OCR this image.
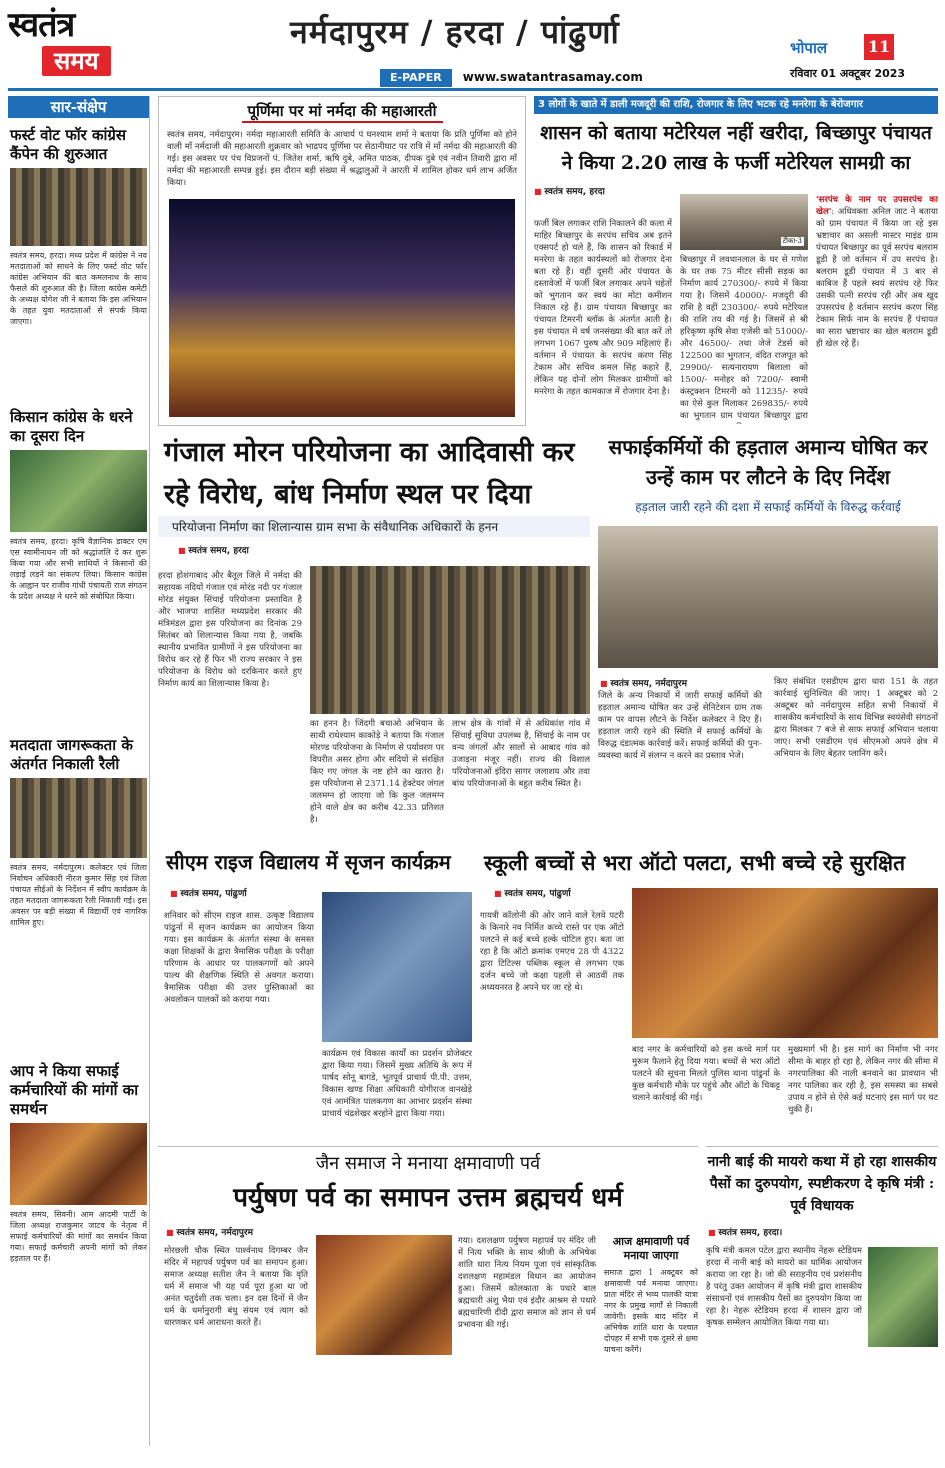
स्वतंत्र
समय
नर्मदापुरम / हरदा / पांढुर्णा
E-PAPER www.swatantrasamay.com
भोपाल	11
रविवार 01 अक्टूबर 2023
सार-संक्षेप
फर्स्ट वोट फॉर कांग्रेस कैंपेन की शुरुआत
स्वतंत्र समय, हरदा। मध्य प्रदेश में कांग्रेस ने नव मतदाताओं को साधने के लिए फर्स्ट वोट फॉर कांग्रेस अभियान की बात कमलनाथ के साथ फैसले की शुरुआत की है। जिला कांग्रेस कमेटी के अध्यक्ष योगेश जी ने बताया कि इस अभियान के तहत युवा मतदाताओं से संपर्क किया जाएगा।
किसान कांग्रेस के धरने का दूसरा दिन
स्वतंत्र समय, हरदा। कृषि वैज्ञानिक डाक्टर एम एस स्वामीनाथन जी को श्रद्धांजलि दे कर शुरू किया गया और सभी साथियों ने किसानों की लड़ाई लड़ने का संकल्प लिया। किसान कांग्रेस के आह्वान पर राजीव गांधी पंचायती राज संगठन के प्रदेश अध्यक्ष ने धरने को संबोधित किया।
मतदाता जागरूकता के अंतर्गत निकाली रैली
स्वतंत्र समय, नर्मदापुरम। कलेक्टर एवं जिला निर्वाचन अधिकारी नीरज कुमार सिंह एवं जिला पंचायत सीईओ के निर्देशन में स्वीप कार्यक्रम के तहत मतदाता जागरूकता रैली निकाली गई। इस अवसर पर बड़ी संख्या में विद्यार्थी एवं नागरिक शामिल हुए।
आप ने किया सफाई कर्मचारियों की मांगों का समर्थन
स्वतंत्र समय, सिवनी। आम आदमी पार्टी के जिला अध्यक्ष राजकुमार जाटव के नेतृत्व में सफाई कर्मचारियों की मांगों का समर्थन किया गया। सफाई कर्मचारी अपनी मांगों को लेकर हड़ताल पर हैं।
पूर्णिमा पर मां नर्मदा की महाआरती
स्वतंत्र समय, नर्मदापुरम। नर्मदा महाआरती समिति के आचार्य पं घनश्याम शर्मा ने बताया कि प्रति पूर्णिमा को होने वाली मॉं नर्मदाजी की महाआरती शुक्रवार को भाद्रपद पूर्णिमा पर सेठानीघाट पर रात्रि में मॉं नर्मदा की महाआरती की गई। इस अवसर पर पंच विप्रजनों पं. जितेश शर्मा, ऋषि दुबे, अमित पाठक, दीपक दुबे एवं नवीन तिवारी द्वारा मॉं नर्मदा की महाआरती सम्पन्न हुई। इस दौरान बड़ी संख्या में श्रद्धालुओं ने आरती में शामिल होकर धर्म लाभ अर्जित किया।
3 लोगों के खाते में डाली मजदूरी की राशि, रोजगार के लिए भटक रहे मनरेगा के बेरोजगार
शासन को बताया मटेरियल नहीं खरीदा, बिच्छापुर पंचायत ने किया 2.20 लाख के फर्जी मटेरियल सामग्री का
■ स्वतंत्र समय, हरदा
फर्जी बिल लगाकर राशि निकालने की कला में माहिर बिच्छापुर के सरपंच सचिव अब इतने एक्सपर्ट हो चले हैं, कि शासन को रिकार्ड में मनरेगा के तहत कार्यस्थलों को रोजगार देना बता रहे हैं। वहीं दूसरी ओर पंचायत के दस्तावेजों में फर्जी बिल लगाकर अपने चहेतों को भुगतान कर स्वयं का मोटा कमीशन निकाल रहे हैं। ग्राम पंचायत बिच्छापुर का पंचायत टिमरनी ब्लॉक के अंतर्गत आती है। इस पंचायत में वर्ष जनसंख्या की बात करें तो लगभग 1067 पुरुष और 909 महिलाएं हैं। वर्तमान में पंचायत के सरपंच करण सिंह टेकाम और सचिव कमल सिंह कहारे हैं, लेकिन यह दोनों लोग मिलकर ग्रामीणों को मनरेगा के तहत कामकाज में रोजगार देना है।
टीका-3
बिच्छापुर में लवधानलाल के घर से गणेश के घर तक 75 मीटर सीसी सड़क का निर्माण कार्य 270300/- रुपये में किया गया है। जिसमें 40000/- मजदूरी की राशि है वहीं 230300/- रुपये मटेरियल की राशि तय की गई है। जिसमें से श्री हरिकृष्ण कृषि सेवा एजेंसी को 51000/- और 46500/- तथा जेजे टेडर्स को 122500 का भुगतान, वंदित राजपूत को 29900/- सत्यनारायण बिलाला को 1500/- मनोहर को 7200/- स्वामी कंस्ट्रक्शन टिमरनी को 11235/- रुपये का ऐसे कुल मिलाकर 269835/- रुपये का भुगतान ग्राम पंचायत बिच्छापुर द्वारा
'सरपंच के नाम पर उपसरपंच का खेल': अधिवक्ता अनिल जाट ने बताया को ग्राम पंचायत में किया जा रहे इस भ्रष्टाचार का असली मास्टर माइंड ग्राम पंचायत बिच्छापुर का पूर्व सरपंच बलराम डूडी है जो वर्तमान में उप सरपंच है। बलराम डूडी पंचायत में 3 बार से काबिज हैं पहले स्वयं सरपंच रहे फिर उसकी पत्नी सरपंच रही और अब खुद उपसरपंच है वर्तमान सरपंच करण सिंह टेकाम सिर्फ नाम के सरपंच हैं पंचायत का सारा भ्रष्टाचार का खेल बलराम डूडी ही खेल रहे हैं।
गंजाल मोरन परियोजना का आदिवासी कर रहे विरोध, बांध निर्माण स्थल पर दिया
परियोजना निर्माण का शिलान्यास ग्राम सभा के संवैधानिक अधिकारों के हनन
■ स्वतंत्र समय, हरदा
हरदा होशंगाबाद और बैतूल जिले में नर्मदा की सहायक नदियों गंजाल एवं मोरंड नदी पर गंजाल मोरंड संयुक्त सिंचाई परियोजना प्रस्तावित है और भाजपा शासित मध्यप्रदेश सरकार की मंत्रिमंडल द्वारा इस परियोजना का दिनांक 29 सितंबर को शिलान्यास किया गया है, जबकि स्थानीय प्रभावित ग्रामीणों ने इस परियोजना का विरोध कर रहे हैं फिर भी राज्य सरकार ने इस परियोजना के विरोध को दरकिनार करते हुए निर्माण कार्य का शिलान्यास किया है।
का हनन है। जिंदगी बचाओ अभियान के साथी राधेश्याम काकोड़े ने बताया कि गंजाल मोरण्ड परियोजना के निर्माण से पर्यावरण पर विपरीत असर होगा और सदियों से संरक्षित किए गए जंगल के नष्ट होने का खतरा है। इस परियोजना से 2371.14 हेक्टेयर जंगल जलमग्न हो जाएगा जो कि कुल जलमग्न होने वाले क्षेत्र का करीब 42.33 प्रतिशत है।
लाभ क्षेत्र के गांवों में से अधिकांश गांव में सिंचाई सुविधा उपलब्ध है, सिंचाई के नाम पर वन्य जंगलों और सालों से आबाद गांव को उजाड़ना मंजूर नहीं। राज्य की विशाल परियोजनाओं इंदिरा सागर जलाशय और तवा बांध परियोजनाओं के बहुत करीब स्थित है।
सफाईकर्मियों की हड़ताल अमान्य घोषित कर उन्हें काम पर लौटने के दिए निर्देश
हड़ताल जारी रहने की दशा में सफाई कर्मियों के विरुद्ध कर्रवाई
■ स्वतंत्र समय, नर्मदापुरम
जिले के अन्य निकायों में जारी सफाई कर्मियों की हड़ताल अमान्य घोषित कर उन्हें सेनिटेशन ग्राम तक काम पर वापस लौटने के निर्देश कलेक्टर ने दिए हैं। हड़ताल जारी रहने की स्थिति में सफाई कर्मियों के विरुद्ध दंडात्मक कार्रवाई करें। सफाई कर्मियों की पुनः-व्यवस्था कार्य में संलग्न न करने का प्रस्ताव भेजें।
किए संबंधित एसडीएम द्वारा धारा 151 के तहत कार्रवाई सुनिश्चित की जाए। 1 अक्टूबर को 2 अक्टूबर को नर्मदापुरम सहित सभी निकायों में शासकीय कर्मचारियों के साथ विभिन्न स्वयंसेवी संगठनों द्वारा मिलकर 7 बजे से साफ सफाई अभियान चलाया जाए। सभी एसडीएम एवं सीएमओ अपने क्षेत्र में अभियान के लिए बेहतर प्लानिंग करें।
सीएम राइज विद्यालय में सृजन कार्यक्रम
■ स्वतंत्र समय, पांढुर्णा
शनिवार को सीएम राइज शास. उत्कृष्ट विद्यालय पांढुर्ना में सृजन कार्यक्रम का आयोजन किया गया। इस कार्यक्रम के अंतर्गत संस्था के समस्त कक्षा शिक्षकों के द्वारा त्रैमासिक परीक्षा के परीक्षा परिणाम के आधार पर पालकगणों को अपने पाल्य की शैक्षणिक स्थिति से अवगत कराया। त्रैमासिक परीक्षा की उत्तर पुस्तिकाओं का अवलोकन पालकों को कराया गया।
कार्यक्रम एवं विकास कार्यों का प्रदर्शन प्रोजेक्टर द्वारा किया गया। जिसमें मुख्य अतिथि के रूप में पार्षद सोनू बागडे, भूतपूर्व प्राचार्य पी.पी. उत्तम, विकास खण्ड शिक्षा अधिकारी योगीराज वानखेड़े एवं आमंत्रित पालकगण का आभार प्रदर्शन संस्था प्राचार्य चंद्रशेखर बरहोने द्वारा किया गया।
स्कूली बच्चों से भरा ऑटो पलटा, सभी बच्चे रहे सुरक्षित
■ स्वतंत्र समय, पांढुर्णा
गायत्री कॉलोनी की ओर जाने वाले रेलवे पटरी के किनारे नव निर्मित कच्चे रास्ते पर एक ऑटो पलटने से कई बच्चे हल्के चोटिल हुए। बता जा रहा है कि ऑटो क्रमांक एमएच 28 पी 4322 द्वारा टिटिल्स पब्लिक स्कूल से लगभग एक दर्जन बच्चे जो कक्षा पहली से आठवीं तक अध्ययनरत है अपने घर जा रहे थे।
बाद नगर के कर्मचारियों को इस कच्चे मार्ग पर मुरूम फैलाने हेतु दिया गया। बच्चों से भरा ऑटो पलटने की सूचना मिलते पुलिस थाना पांढुर्ना के कुछ कर्मचारी मौके पर पहुंचे और ऑटो के चिकट्ट चलाने कार्रवाई की गई।
मुख्यमार्ग भी है। इस मार्ग का निर्माण भी नगर सीमा के बाहर हो रहा है, लेकिन नगर की सीमा में नगरपालिका की नाली बनवाने का प्रावधान भी नगर पालिका कर रही है, इस समस्या का सबसे उपाय न होने से ऐसे कई घटनाएं इस मार्ग पर घट चुकी हैं।
जैन समाज ने मनाया क्षमावाणी पर्व
पर्युषण पर्व का समापन उत्तम ब्रह्मचर्य धर्म
■ स्वतंत्र समय, नर्मदापुरम
मोरछली चौक स्थित पार्श्वनाथ दिगम्बर जैन मंदिर में महापर्व पर्युषण पर्व का समापन हुआ। समाज अध्यक्ष सतीश जैन ने बताया कि वृति धर्म में समाज भी यह पर्व पूरा हुआ था जो अनंत चतुर्दशी तक चला। इन दस दिनों में जैन धर्म के धर्मानुरागी बंधु संयम एवं त्याग को धारणकर धर्म आराधना करते हैं।
गया। दशलक्षण पर्युषण महापर्व पर मंदिर जी में नित्य भक्ति के साथ श्रीजी के अभिषेक शांति धारा नित्य नियम पूजा एवं सांस्कृतिक दशलक्षण महामंडल विधान का आयोजन हुआ। जिसमें कोलकाता के पधारे बाल ब्रह्मचारी अंशु भैया एवं इंदौर आश्रम से पधारे ब्रह्मचारिणी दीदी द्वारा समाज को ज्ञान से धर्म प्रभावना की गई।
आज क्षमावाणी पर्व मनाया जाएगा
समाज द्वारा 1 अक्टूबर को क्षमावाणी पर्व मनाया जाएगा। प्रातः मंदिर से भव्य पालकी यात्रा नगर के प्रमुख मार्गों से निकाली जावेगी। इसके बाद मंदिर में अभिषेक शांति धारा के पश्चात दोपहर में सभी एक दूसरे से क्षमा याचना करेंगे।
नानी बाई की मायरो कथा में हो रहा शासकीय पैसों का दुरुपयोग, स्पष्टीकरण दे कृषि मंत्री : पूर्व विधायक
■ स्वतंत्र समय, हरदा।
कृषि मंत्री कमल पटेल द्वारा स्थानीय नेहरू स्टेडियम हरदा में नानी बाई को मायरो का धार्मिक आयोजन कराया जा रहा है। जो की सराहनीय एवं प्रशंसनीय है परंतु उक्त आयोजन में कृषि मंत्री द्वारा शासकीय संसाधनों एवं शासकीय पैसों का दुरुपयोग किया जा रहा है। नेहरू स्टेडियम हरदा में शासन द्वारा जो कृषक सम्मेलन आयोजित किया गया था।
